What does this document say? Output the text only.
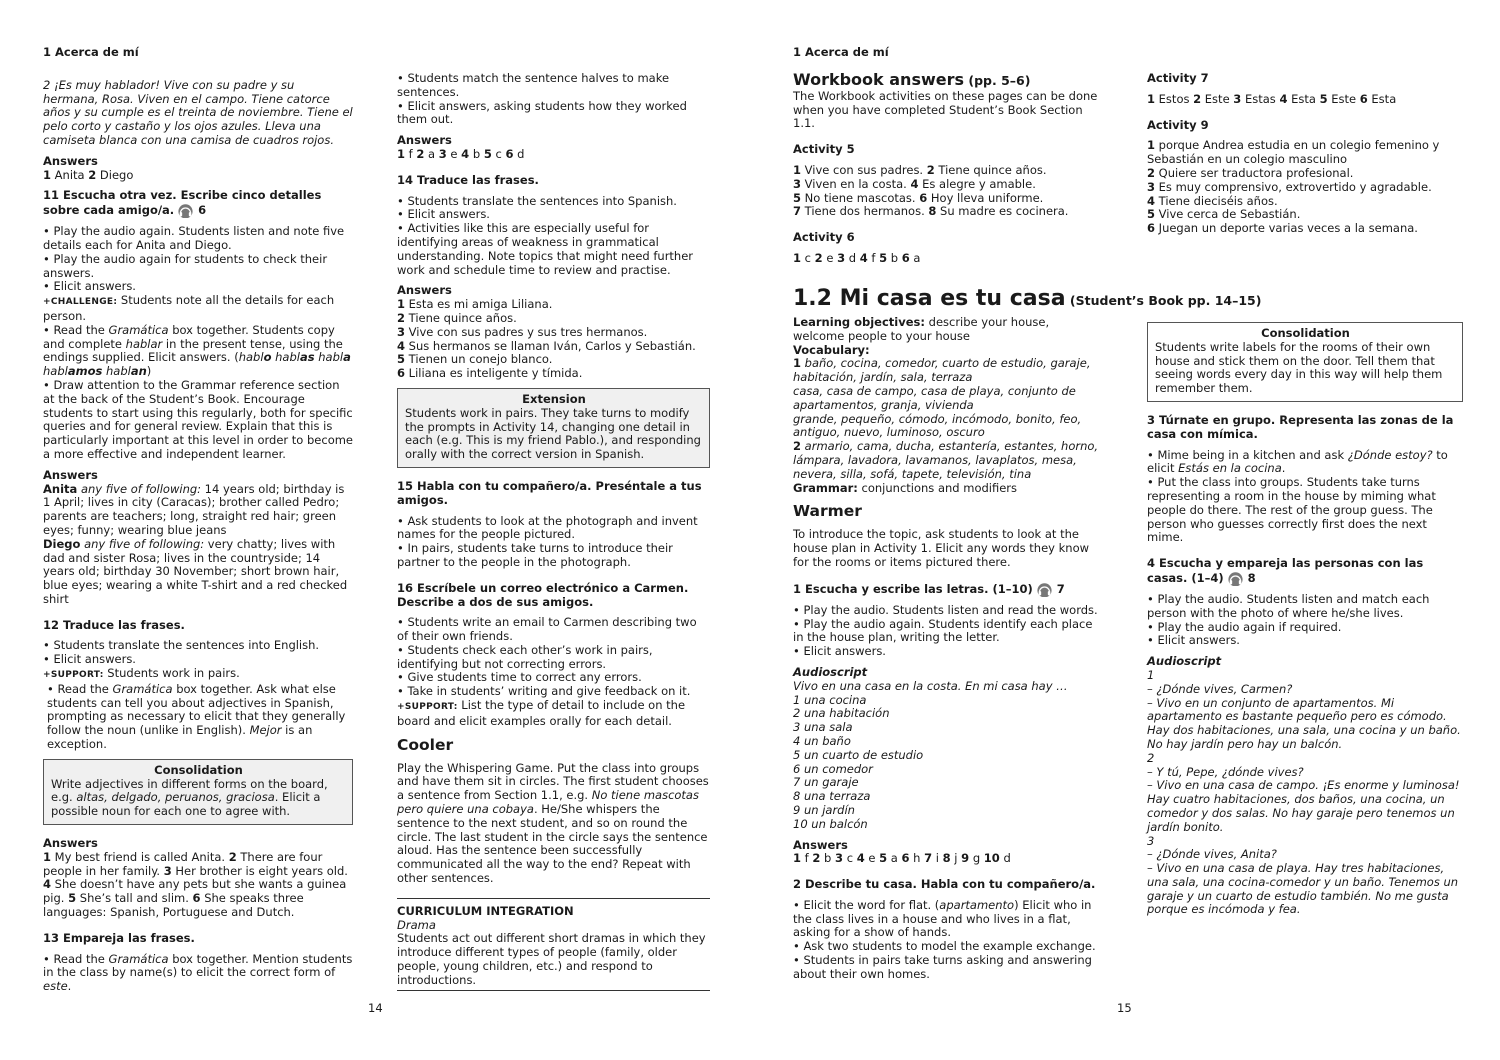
1 Acerca de mí

2 ¡Es muy hablador! Vive con su padre y su hermana, Rosa. Viven en el campo. Tiene catorce años y su cumple es el treinta de noviembre. Tiene el pelo corto y castaño y los ojos azules. Lleva una camiseta blanca con una camisa de cuadros rojos.

Answers

1 Anita 2 Diego

11 Escucha otra vez. Escribe cinco detalles sobre cada amigo/a. 6

• Play the audio again. Students listen and note five details each for Anita and Diego.

• Play the audio again for students to check their answers.

• Elicit answers.

+CHALLENGE: Students note all the details for each person.

• Read the Gramática box together. Students copy and complete hablar in the present tense, using the endings supplied. Elicit answers. (hablo hablas habla hablamos hablan)

• Draw attention to the Grammar reference section at the back of the Student’s Book. Encourage students to start using this regularly, both for specific queries and for general review. Explain that this is particularly important at this level in order to become a more effective and independent learner.

Answers

Anita any five of following: 14 years old; birthday is 1 April; lives in city (Caracas); brother called Pedro; parents are teachers; long, straight red hair; green eyes; funny; wearing blue jeans

Diego any five of following: very chatty; lives with dad and sister Rosa; lives in the countryside; 14 years old; birthday 30 November; short brown hair, blue eyes; wearing a white T-shirt and a red checked shirt

12 Traduce las frases.

• Students translate the sentences into English.

• Elicit answers.

+SUPPORT: Students work in pairs.

• Read the Gramática box together. Ask what else students can tell you about adjectives in Spanish, prompting as necessary to elicit that they generally follow the noun (unlike in English). Mejor is an exception.

Consolidation

Write adjectives in different forms on the board, e.g. altas, delgado, peruanos, graciosa. Elicit a possible noun for each one to agree with.

Answers

1 My best friend is called Anita. 2 There are four people in her family. 3 Her brother is eight years old. 4 She doesn’t have any pets but she wants a guinea pig. 5 She’s tall and slim. 6 She speaks three languages: Spanish, Portuguese and Dutch.

13 Empareja las frases.

• Read the Gramática box together. Mention students in the class by name(s) to elicit the correct form of este.

• Students match the sentence halves to make sentences.

• Elicit answers, asking students how they worked them out.

Answers

1 f 2 a 3 e 4 b 5 c 6 d

14 Traduce las frases.

• Students translate the sentences into Spanish.

• Elicit answers.

• Activities like this are especially useful for identifying areas of weakness in grammatical understanding. Note topics that might need further work and schedule time to review and practise.

Answers

1 Esta es mi amiga Liliana.
2 Tiene quince años.
3 Vive con sus padres y sus tres hermanos.
4 Sus hermanos se llaman Iván, Carlos y Sebastián.
5 Tienen un conejo blanco.
6 Liliana es inteligente y tímida.

Extension

Students work in pairs. They take turns to modify the prompts in Activity 14, changing one detail in each (e.g. This is my friend Pablo.), and responding orally with the correct version in Spanish.

15 Habla con tu compañero/a. Preséntale a tus amigos.

• Ask students to look at the photograph and invent names for the people pictured.

• In pairs, students take turns to introduce their partner to the people in the photograph.

16 Escríbele un correo electrónico a Carmen. Describe a dos de sus amigos.

• Students write an email to Carmen describing two of their own friends.

• Students check each other’s work in pairs, identifying but not correcting errors.

• Give students time to correct any errors.

• Take in students’ writing and give feedback on it.

+SUPPORT: List the type of detail to include on the board and elicit examples orally for each detail.

Cooler

Play the Whispering Game. Put the class into groups and have them sit in circles. The first student chooses a sentence from Section 1.1, e.g. No tiene mascotas pero quiere una cobaya. He/She whispers the sentence to the next student, and so on round the circle. The last student in the circle says the sentence aloud. Has the sentence been successfully communicated all the way to the end? Repeat with other sentences.

CURRICULUM INTEGRATION

Drama

Students act out different short dramas in which they introduce different types of people (family, older people, young children, etc.) and respond to introductions.

14

1 Acerca de mí

Workbook answers (pp. 5–6)

The Workbook activities on these pages can be done when you have completed Student’s Book Section 1.1.

Activity 5

1 Vive con sus padres. 2 Tiene quince años.
3 Viven en la costa. 4 Es alegre y amable.
5 No tiene mascotas. 6 Hoy lleva uniforme.
7 Tiene dos hermanos. 8 Su madre es cocinera.

Activity 6

1 c 2 e 3 d 4 f 5 b 6 a

1.2 Mi casa es tu casa (Student’s Book pp. 14–15)

Learning objectives: describe your house, welcome people to your house

Vocabulary:

1 baño, cocina, comedor, cuarto de estudio, garaje, habitación, jardín, sala, terraza

casa, casa de campo, casa de playa, conjunto de apartamentos, granja, vivienda

grande, pequeño, cómodo, incómodo, bonito, feo, antiguo, nuevo, luminoso, oscuro

2 armario, cama, ducha, estantería, estantes, horno, lámpara, lavadora, lavamanos, lavaplatos, mesa, nevera, silla, sofá, tapete, televisión, tina

Grammar: conjunctions and modifiers

Warmer

To introduce the topic, ask students to look at the house plan in Activity 1. Elicit any words they know for the rooms or items pictured there.

1 Escucha y escribe las letras. (1–10) 7

• Play the audio. Students listen and read the words.

• Play the audio again. Students identify each place in the house plan, writing the letter.

• Elicit answers.

Audioscript

Vivo en una casa en la costa. En mi casa hay …
1 una cocina
2 una habitación
3 una sala
4 un baño
5 un cuarto de estudio
6 un comedor
7 un garaje
8 una terraza
9 un jardín
10 un balcón

Answers

1 f 2 b 3 c 4 e 5 a 6 h 7 i 8 j 9 g 10 d

2 Describe tu casa. Habla con tu compañero/a.

• Elicit the word for flat. (apartamento) Elicit who in the class lives in a house and who lives in a flat, asking for a show of hands.

• Ask two students to model the example exchange.

• Students in pairs take turns asking and answering about their own homes.

Activity 7

1 Estos 2 Este 3 Estas 4 Esta 5 Este 6 Esta

Activity 9

1 porque Andrea estudia en un colegio femenino y Sebastián en un colegio masculino
2 Quiere ser traductora profesional.
3 Es muy comprensivo, extrovertido y agradable.
4 Tiene dieciséis años.
5 Vive cerca de Sebastián.
6 Juegan un deporte varias veces a la semana.

Consolidation

Students write labels for the rooms of their own house and stick them on the door. Tell them that seeing words every day in this way will help them remember them.

3 Túrnate en grupo. Representa las zonas de la casa con mímica.

• Mime being in a kitchen and ask ¿Dónde estoy? to elicit Estás en la cocina.

• Put the class into groups. Students take turns representing a room in the house by miming what people do there. The rest of the group guess. The person who guesses correctly first does the next mime.

4 Escucha y empareja las personas con las casas. (1–4) 8

• Play the audio. Students listen and match each person with the photo of where he/she lives.

• Play the audio again if required.

• Elicit answers.

Audioscript

1
– ¿Dónde vives, Carmen?
– Vivo en un conjunto de apartamentos. Mi apartamento es bastante pequeño pero es cómodo. Hay dos habitaciones, una sala, una cocina y un baño. No hay jardín pero hay un balcón.
2
– Y tú, Pepe, ¿dónde vives?
– Vivo en una casa de campo. ¡Es enorme y luminosa! Hay cuatro habitaciones, dos baños, una cocina, un comedor y dos salas. No hay garaje pero tenemos un jardín bonito.
3
– ¿Dónde vives, Anita?
– Vivo en una casa de playa. Hay tres habitaciones, una sala, una cocina-comedor y un baño. Tenemos un garaje y un cuarto de estudio también. No me gusta porque es incómoda y fea.

15
